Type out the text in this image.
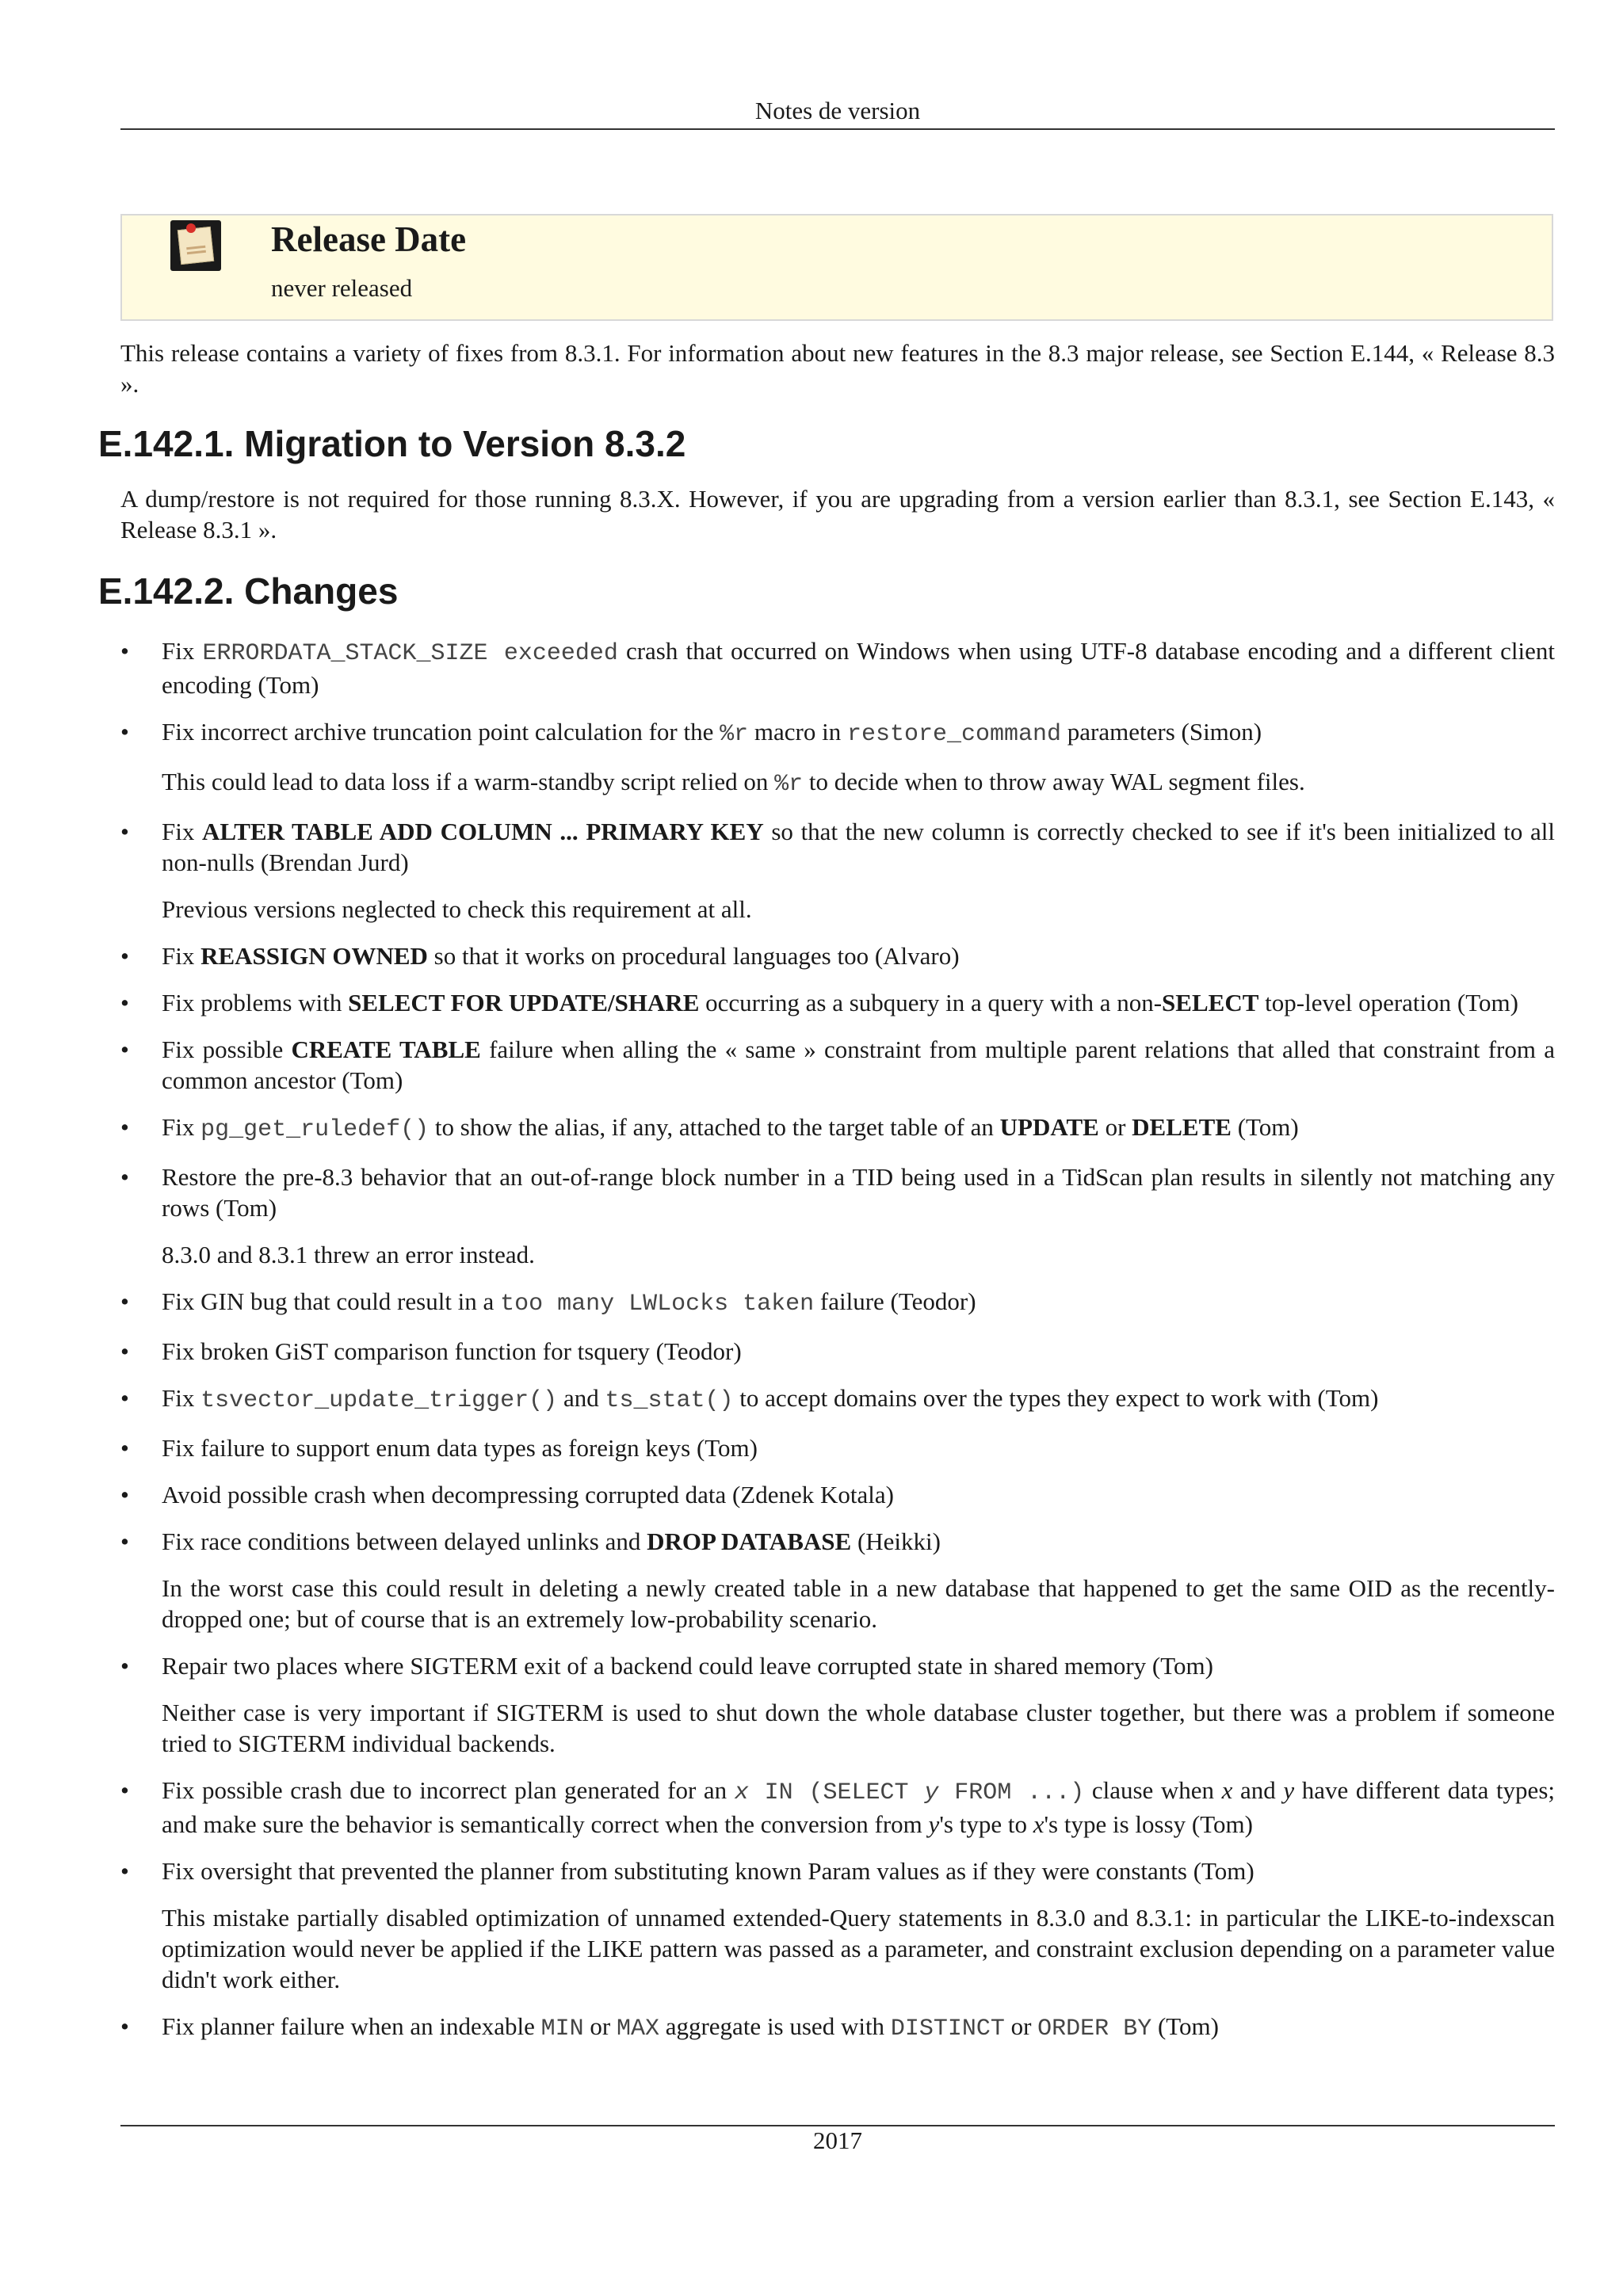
Notes de version
Release Date
never released

This release contains a variety of fixes from 8.3.1. For information about new features in the 8.3 major release, see Section E.144, « Release 8.3 ».

E.142.1. Migration to Version 8.3.2

A dump/restore is not required for those running 8.3.X. However, if you are upgrading from a version earlier than 8.3.1, see Section E.143, « Release 8.3.1 ».

E.142.2. Changes

• Fix ERRORDATA_STACK_SIZE exceeded crash that occurred on Windows when using UTF-8 database encoding and a different client encoding (Tom)

• Fix incorrect archive truncation point calculation for the %r macro in restore_command parameters (Simon)

This could lead to data loss if a warm-standby script relied on %r to decide when to throw away WAL segment files.

• Fix ALTER TABLE ADD COLUMN ... PRIMARY KEY so that the new column is correctly checked to see if it's been initialized to all non-nulls (Brendan Jurd)

Previous versions neglected to check this requirement at all.

• Fix REASSIGN OWNED so that it works on procedural languages too (Alvaro)

• Fix problems with SELECT FOR UPDATE/SHARE occurring as a subquery in a query with a non-SELECT top-level operation (Tom)

• Fix possible CREATE TABLE failure when alling the « same » constraint from multiple parent relations that alled that constraint from a common ancestor (Tom)

• Fix pg_get_ruledef() to show the alias, if any, attached to the target table of an UPDATE or DELETE (Tom)

• Restore the pre-8.3 behavior that an out-of-range block number in a TID being used in a TidScan plan results in silently not matching any rows (Tom)

8.3.0 and 8.3.1 threw an error instead.

• Fix GIN bug that could result in a too many LWLocks taken failure (Teodor)

• Fix broken GiST comparison function for tsquery (Teodor)

• Fix tsvector_update_trigger() and ts_stat() to accept domains over the types they expect to work with (Tom)

• Fix failure to support enum data types as foreign keys (Tom)

• Avoid possible crash when decompressing corrupted data (Zdenek Kotala)

• Fix race conditions between delayed unlinks and DROP DATABASE (Heikki)

In the worst case this could result in deleting a newly created table in a new database that happened to get the same OID as the recently-dropped one; but of course that is an extremely low-probability scenario.

• Repair two places where SIGTERM exit of a backend could leave corrupted state in shared memory (Tom)

Neither case is very important if SIGTERM is used to shut down the whole database cluster together, but there was a problem if someone tried to SIGTERM individual backends.

• Fix possible crash due to incorrect plan generated for an x IN (SELECT y FROM ...) clause when x and y have different data types; and make sure the behavior is semantically correct when the conversion from y's type to x's type is lossy (Tom)

• Fix oversight that prevented the planner from substituting known Param values as if they were constants (Tom)

This mistake partially disabled optimization of unnamed extended-Query statements in 8.3.0 and 8.3.1: in particular the LIKE-to-indexscan optimization would never be applied if the LIKE pattern was passed as a parameter, and constraint exclusion depending on a parameter value didn't work either.

• Fix planner failure when an indexable MIN or MAX aggregate is used with DISTINCT or ORDER BY (Tom)

2017
